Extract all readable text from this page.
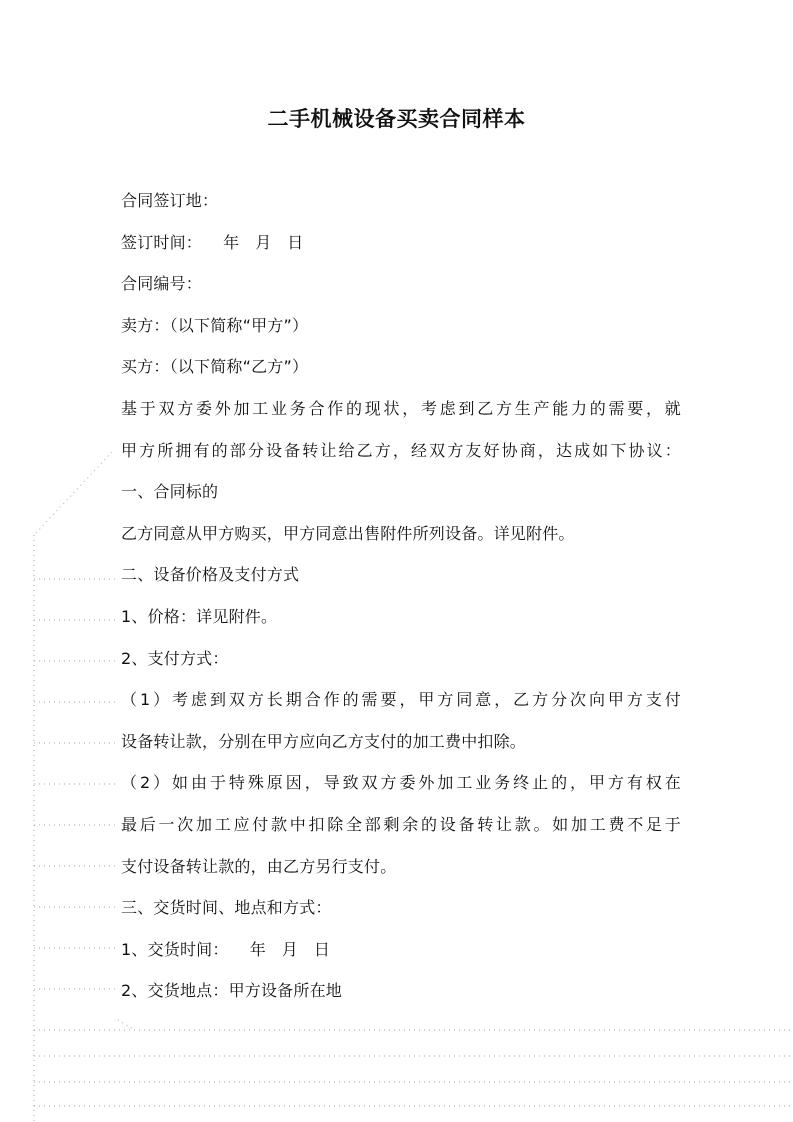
二手机械设备买卖合同样本
合同签订地：
签订时间：    年   月   日
合同编号：
卖方：（以下简称“甲方”）
买方：（以下简称“乙方”）
基于双方委外加工业务合作的现状，考虑到乙方生产能力的需要，就
甲方所拥有的部分设备转让给乙方，经双方友好协商，达成如下协议：
一、合同标的
乙方同意从甲方购买，甲方同意出售附件所列设备。详见附件。
二、设备价格及支付方式
1、价格：详见附件。
2、支付方式：
（1）考虑到双方长期合作的需要，甲方同意，乙方分次向甲方支付
设备转让款，分别在甲方应向乙方支付的加工费中扣除。
（2）如由于特殊原因，导致双方委外加工业务终止的，甲方有权在
最后一次加工应付款中扣除全部剩余的设备转让款。如加工费不足于
支付设备转让款的，由乙方另行支付。
三、交货时间、地点和方式：
1、交货时间：    年   月   日
2、交货地点：甲方设备所在地
